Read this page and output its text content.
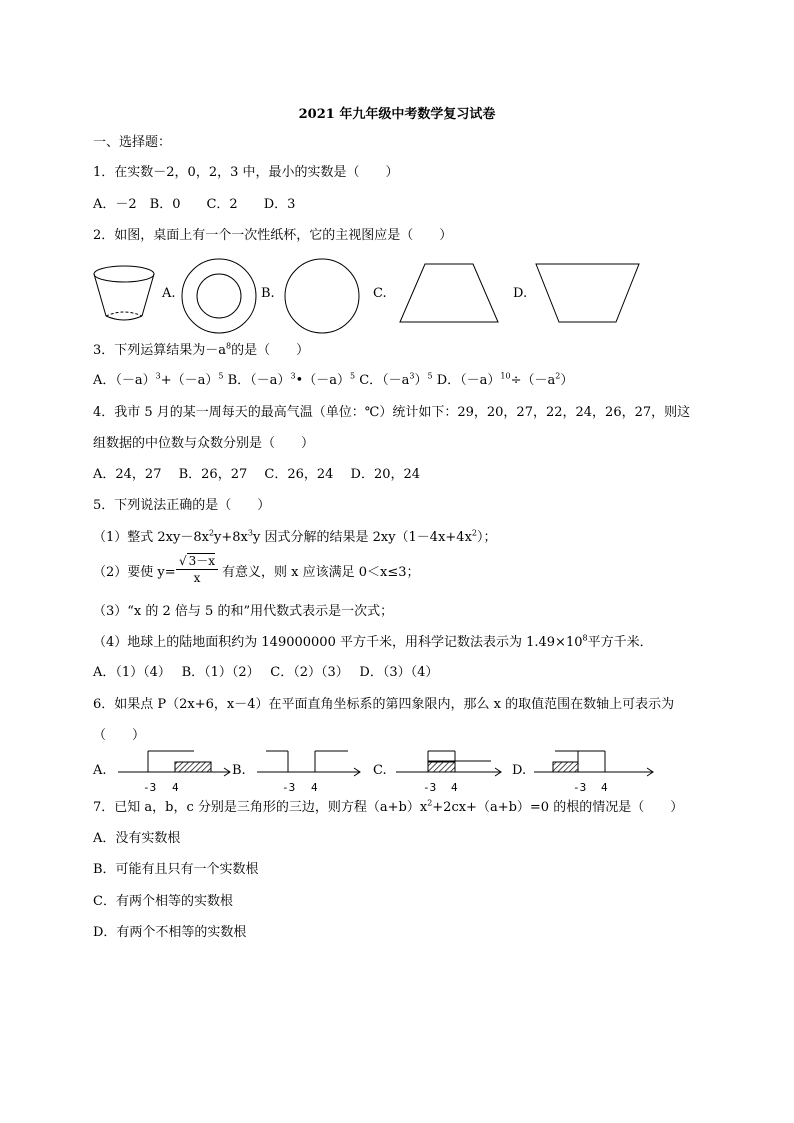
2021 年九年级中考数学复习试卷
一、选择题：
1．在实数－2，0，2，3 中，最小的实数是（　　）
A．－2　B．0　　C．2　　D．3
2．如图，桌面上有一个一次性纸杯，它的主视图应是（　　）
A.	B.	C.	D.
3．下列运算结果为$-a^8$的是（　　）
A．$(-a)^3+(-a)^5$ B．$(-a)^3•(-a)^5$ C．$(-a^3)^5$ D．$(-a)^{10}\div(-a^2)$
4．我市 5 月的某一周每天的最高气温（单位：℃）统计如下：29，20，27，22，24，26，27，则这
组数据的中位数与众数分别是（　　）
A．24，27　 B．26，27　 C．26，24　 D．20，24
5．下列说法正确的是（　　）
（1）整式 $2xy-8x^2y+8x^3y$ 因式分解的结果是 $2xy(1-4x+4x^2)$；
（2）要使 $y= \frac{√ 3-x}{x}$ 有意义，则 x 应该满足 0＜x≤3；
（3）“x 的 2 倍与 5 的和”用代数式表示是一次式；
（4）地球上的陆地面积约为 149000000 平方千米，用科学记数法表示为 $1.49\times 10^8$平方千米．
A．（1）（4）　 B．（1）（2）　 C．（2）（3）　 D．（3）（4）
6．如果点 P（2x+6，x－4）在平面直角坐标系的第四象限内，那么 x 的取值范围在数轴上可表示为
（　　）
A.	B.	C.	D.
-3 4	-3 4	-3 4	-3 4
7．已知 a，b，c 分别是三角形的三边，则方程$(a+b)x^2+2cx+(a+b)=0$ 的根的情况是（　　）
A．没有实数根
B．可能有且只有一个实数根
C．有两个相等的实数根
D．有两个不相等的实数根
